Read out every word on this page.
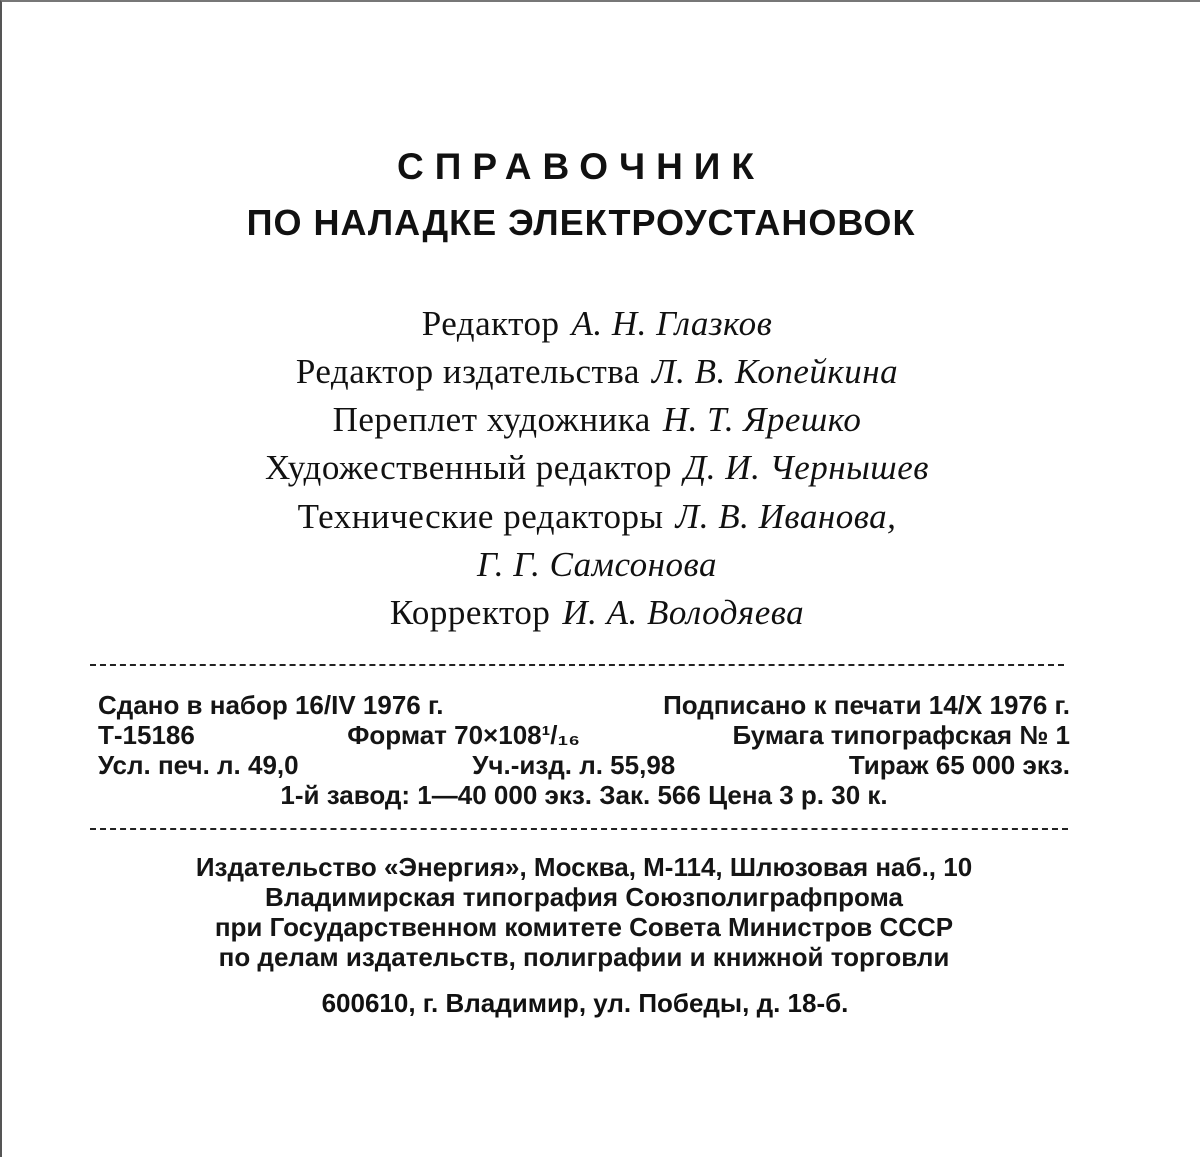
СПРАВОЧНИК
ПО НАЛАДКЕ ЭЛЕКТРОУСТАНОВОК
Редактор А. Н. Глазков
Редактор издательства Л. В. Копейкина
Переплет художника Н. Т. Ярешко
Художественный редактор Д. И. Чернышев
Технические редакторы Л. В. Иванова,
Г. Г. Самсонова
Корректор И. А. Володяева
Сдано в набор 16/IV 1976 г.	Подписано к печати 14/X 1976 г.
Т-15186	Формат 70×108¹/₁₆	Бумага типографская № 1
Усл. печ. л. 49,0	Уч.-изд. л. 55,98	Тираж 65 000 экз.
1-й завод: 1—40 000 экз. Зак. 566 Цена 3 р. 30 к.
Издательство «Энергия», Москва, М-114, Шлюзовая наб., 10
Владимирская типография Союзполиграфпрома
при Государственном комитете Совета Министров СССР
по делам издательств, полиграфии и книжной торговли
600610, г. Владимир, ул. Победы, д. 18-б.
